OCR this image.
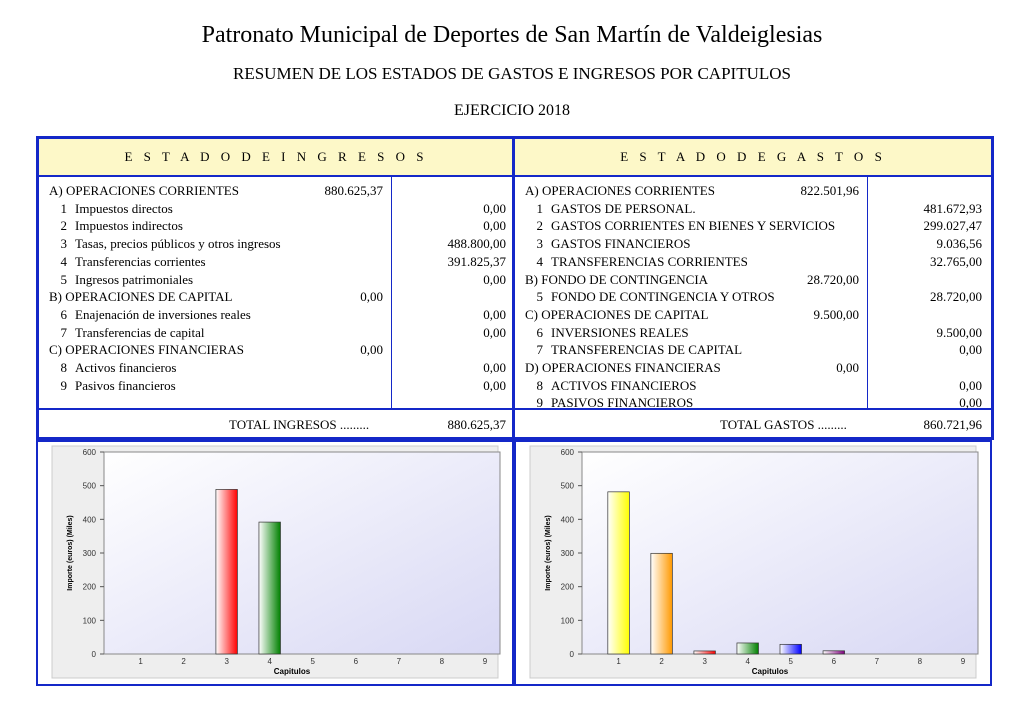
Patronato Municipal de Deportes de San Martín de Valdeiglesias
RESUMEN DE LOS ESTADOS DE GASTOS E INGRESOS POR CAPITULOS
EJERCICIO 2018
E S T A D O D E I N G R E S O S
A) OPERACIONES CORRIENTES	880.625,37
1 Impuestos directos	0,00
2 Impuestos indirectos	0,00
3 Tasas, precios públicos y otros ingresos	488.800,00
4 Transferencias corrientes	391.825,37
5 Ingresos patrimoniales	0,00
B) OPERACIONES DE CAPITAL	0,00
6 Enajenación de inversiones reales	0,00
7 Transferencias de capital	0,00
C) OPERACIONES FINANCIERAS	0,00
8 Activos financieros	0,00
9 Pasivos financieros	0,00
TOTAL INGRESOS .........	880.625,37
E S T A D O D E G A S T O S
A) OPERACIONES CORRIENTES	822.501,96
1 GASTOS DE PERSONAL.	481.672,93
2 GASTOS CORRIENTES EN BIENES Y SERVICIOS	299.027,47
3 GASTOS FINANCIEROS	9.036,56
4 TRANSFERENCIAS CORRIENTES	32.765,00
B) FONDO DE CONTINGENCIA	28.720,00
5 FONDO DE CONTINGENCIA Y OTROS	28.720,00
C) OPERACIONES DE CAPITAL	9.500,00
6 INVERSIONES REALES	9.500,00
7 TRANSFERENCIAS DE CAPITAL	0,00
D) OPERACIONES FINANCIERAS	0,00
8 ACTIVOS FINANCIEROS	0,00
9 PASIVOS FINANCIEROS	0,00
TOTAL GASTOS .........	860.721,96
0
100
200
300
400
500
600
1	2	3	4	5	6	7	8	9
Capitulos
Importe (euros) (Miles)
0
100
200
300
400
500
600
1	2	3	4	5	6	7	8	9
Capitulos
Importe (euros) (Miles)
